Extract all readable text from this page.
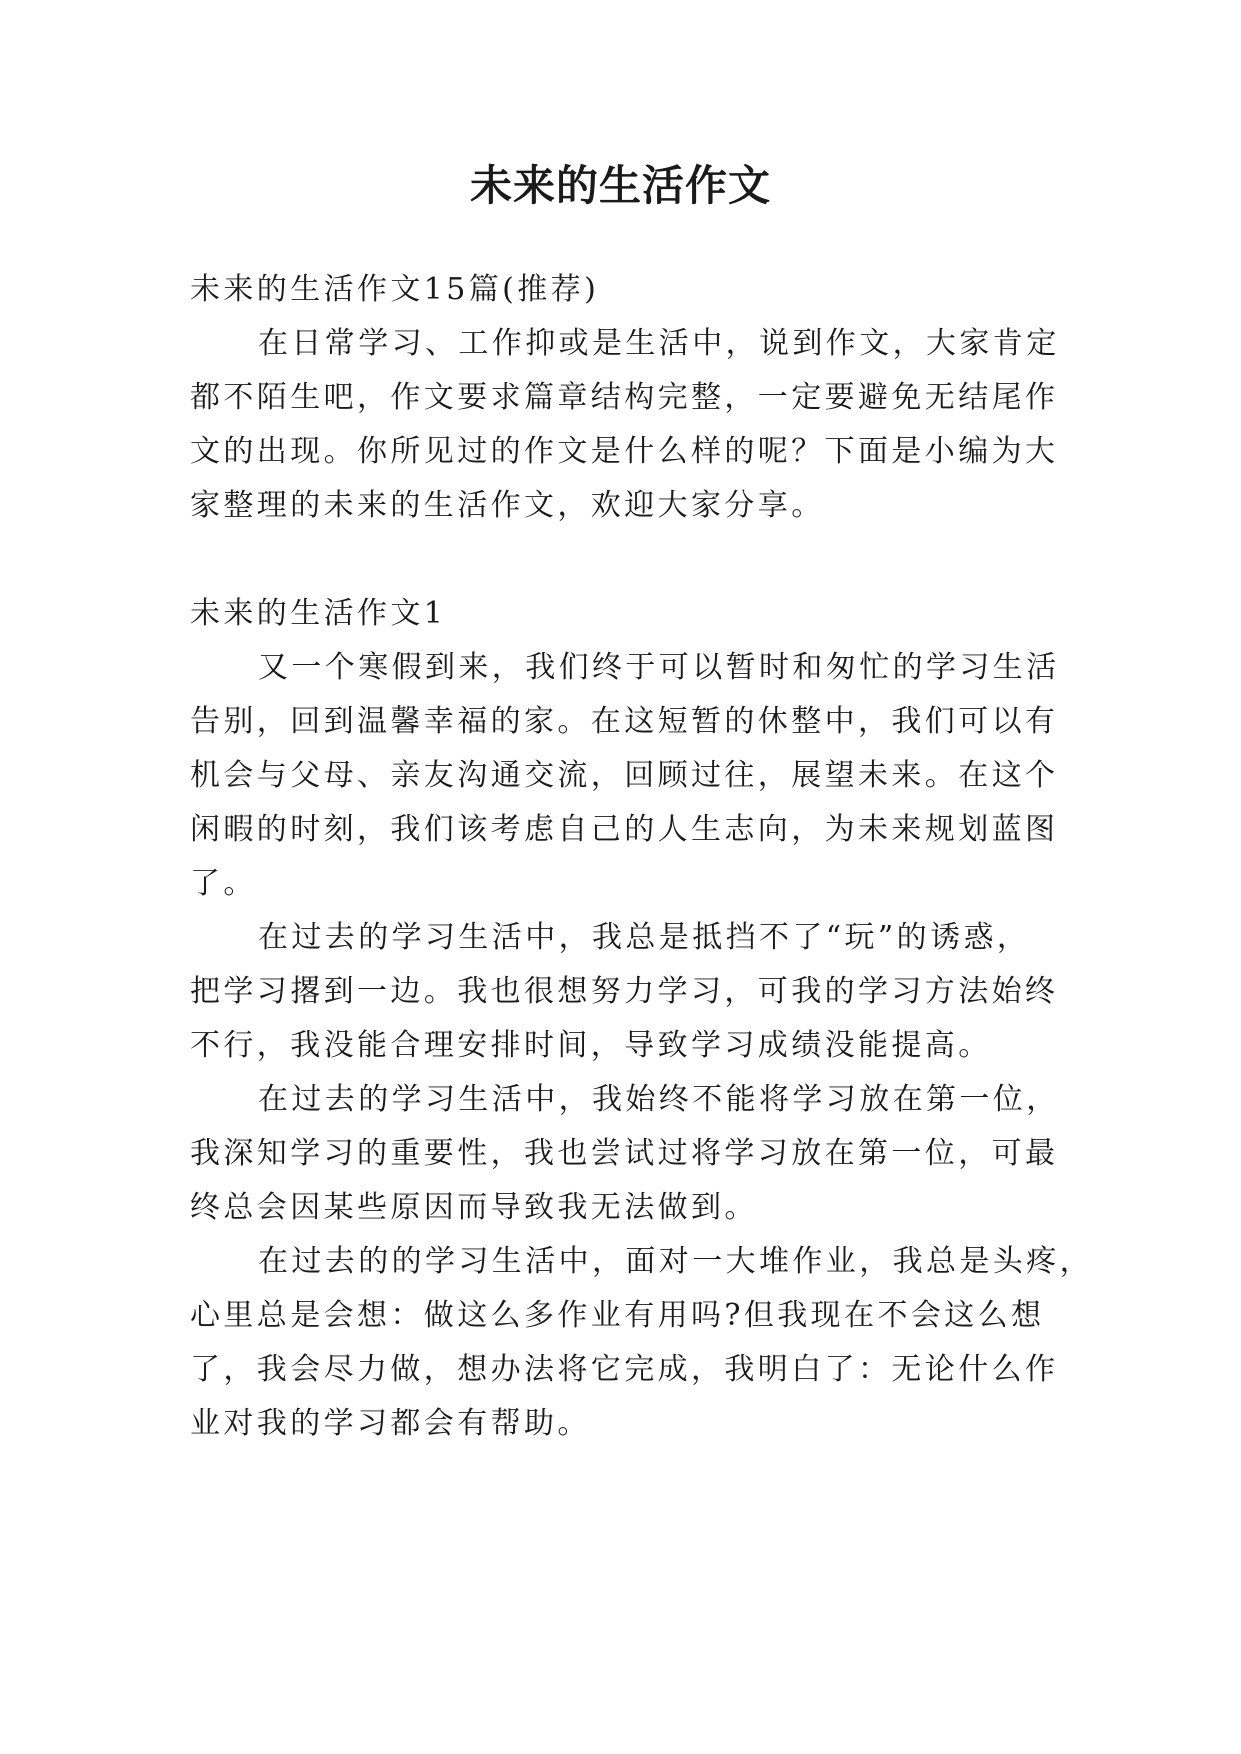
未来的生活作文

未来的生活作文15篇(推荐)

在日常学习、工作抑或是生活中，说到作文，大家肯定

都不陌生吧，作文要求篇章结构完整，一定要避免无结尾作

文的出现。你所见过的作文是什么样的呢？下面是小编为大

家整理的未来的生活作文，欢迎大家分享。

未来的生活作文1

又一个寒假到来，我们终于可以暂时和匆忙的学习生活

告别，回到温馨幸福的家。在这短暂的休整中，我们可以有

机会与父母、亲友沟通交流，回顾过往，展望未来。在这个

闲暇的时刻，我们该考虑自己的人生志向，为未来规划蓝图

了。

在过去的学习生活中，我总是抵挡不了“玩”的诱惑，

把学习撂到一边。我也很想努力学习，可我的学习方法始终

不行，我没能合理安排时间，导致学习成绩没能提高。

在过去的学习生活中，我始终不能将学习放在第一位，

我深知学习的重要性，我也尝试过将学习放在第一位，可最

终总会因某些原因而导致我无法做到。

在过去的的学习生活中，面对一大堆作业，我总是头疼，

心里总是会想：做这么多作业有用吗?但我现在不会这么想

了，我会尽力做，想办法将它完成，我明白了：无论什么作

业对我的学习都会有帮助。
